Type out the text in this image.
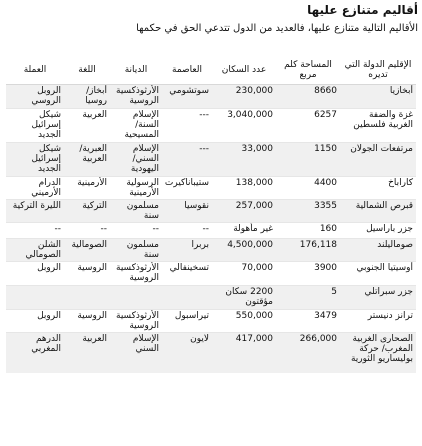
أقاليم متنازع عليها
الأقاليم التالية متنازع عليها، فالعديد من الدول تتدعي الحق في حكمها
الإقليم الدولة التي تديره	المساحة كلم مربع	عدد السكان	العاصمة	الديانة	اللغة	العملة
أبخازيا	8660	230,000	سوتشومي	الأرثوذكسية الروسية	أبخاز/ روسيا	الروبل الروسي
غزة والضفة الغربية فلسطين	6257	3,040,000	---	الإسلام السنة/ المسيحية	العربية	شيكل إسرائيل الجديد
مرتفعات الجولان	1150	33,000	---	الإسلام السني/ اليهودية	العبرية/ العربية	شيكل إسرائيل الجديد
كاراباخ	4400	138,000	ستيباناكيرت	الرسولية الأرمينية	الأرمينية	الدرام الأرميني
قبرص الشمالية	3355	257,000	نقوسيا	مسلمون سنة	التركية	الليرة التركية
جزر باراسيل	160	غير مأهولة	--	--	--	--
صوماليلند	176,118	4,500,000	بربرا	مسلمون سنة	الصومالية	الشلن الصومالي
أوسيتيا الجنوبي	3900	70,000	تسخينفالي	الأرثوذكسية الروسية	الروسية	الروبل
جزر سبراتلي	5	2200 سكان مؤقتون				
ترانز دنيستر	3479	550,000	تيراسبول	الأرثوذكسية الروسية	الروسية	الروبل
الصحارى الغربية المغرب/ حركة بوليساريو الثورية	266,000	417,000	لايون	الإسلام السني	العربية	الدرهم المغربي
